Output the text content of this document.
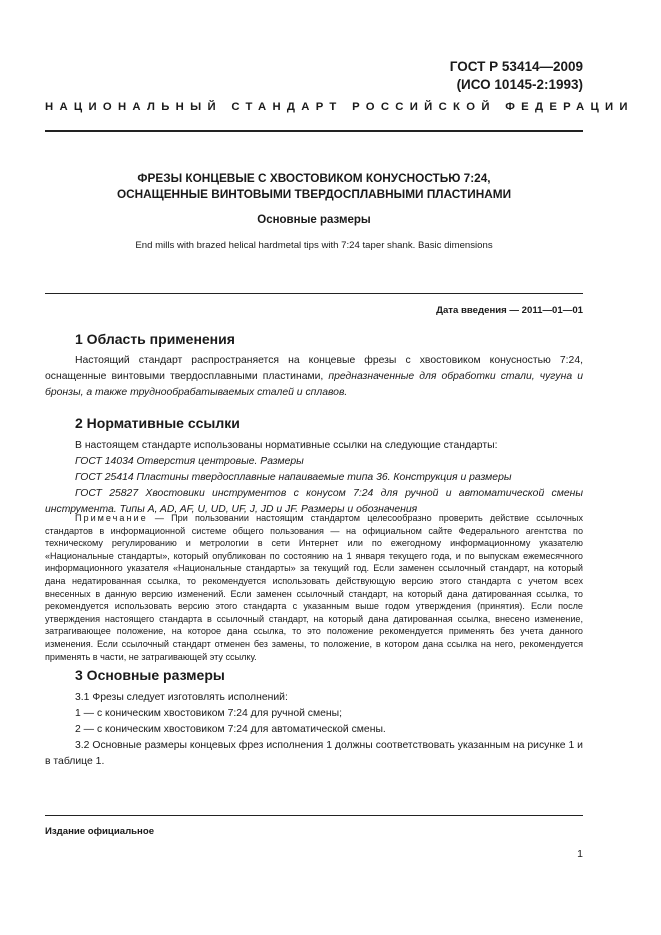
ГОСТ Р 53414—2009
(ИСО 10145-2:1993)
НАЦИОНАЛЬНЫЙ СТАНДАРТ РОССИЙСКОЙ ФЕДЕРАЦИИ
ФРЕЗЫ КОНЦЕВЫЕ С ХВОСТОВИКОМ КОНУСНОСТЬЮ 7:24,
ОСНАЩЕННЫЕ ВИНТОВЫМИ ТВЕРДОСПЛАВНЫМИ ПЛАСТИНАМИ
Основные размеры
End mills with brazed helical hardmetal tips with 7:24 taper shank. Basic dimensions
Дата введения — 2011—01—01
1 Область применения

Настоящий стандарт распространяется на концевые фрезы с хвостовиком конусностью 7:24, оснащенные винтовыми твердосплавными пластинами, предназначенные для обработки стали, чугуна и бронзы, а также труднообрабатываемых сталей и сплавов.

2 Нормативные ссылки

В настоящем стандарте использованы нормативные ссылки на следующие стандарты:

ГОСТ 14034 Отверстия центровые. Размеры

ГОСТ 25414 Пластины твердосплавные напаиваемые типа 36. Конструкция и размеры

ГОСТ 25827 Хвостовики инструментов с конусом 7:24 для ручной и автоматической смены инструмента. Типы A, AD, AF, U, UD, UF, J, JD и JF. Размеры и обозначения

Примечание — При пользовании настоящим стандартом целесообразно проверить действие ссылочных стандартов в информационной системе общего пользования — на официальном сайте Федерального агентства по техническому регулированию и метрологии в сети Интернет или по ежегодному информационному указателю «Национальные стандарты», который опубликован по состоянию на 1 января текущего года, и по выпускам ежемесячного информационного указателя «Национальные стандарты» за текущий год. Если заменен ссылочный стандарт, на который дана недатированная ссылка, то рекомендуется использовать действующую версию этого стандарта с учетом всех внесенных в данную версию изменений. Если заменен ссылочный стандарт, на который дана датированная ссылка, то рекомендуется использовать версию этого стандарта с указанным выше годом утверждения (принятия). Если после утверждения настоящего стандарта в ссылочный стандарт, на который дана датированная ссылка, внесено изменение, затрагивающее положение, на которое дана ссылка, то это положение рекомендуется применять без учета данного изменения. Если ссылочный стандарт отменен без замены, то положение, в котором дана ссылка на него, рекомендуется применять в части, не затрагивающей эту ссылку.

3 Основные размеры

3.1 Фрезы следует изготовлять исполнений:

1 — с коническим хвостовиком 7:24 для ручной смены;

2 — с коническим хвостовиком 7:24 для автоматической смены.

3.2 Основные размеры концевых фрез исполнения 1 должны соответствовать указанным на рисунке 1 и в таблице 1.

Издание официальное
1
